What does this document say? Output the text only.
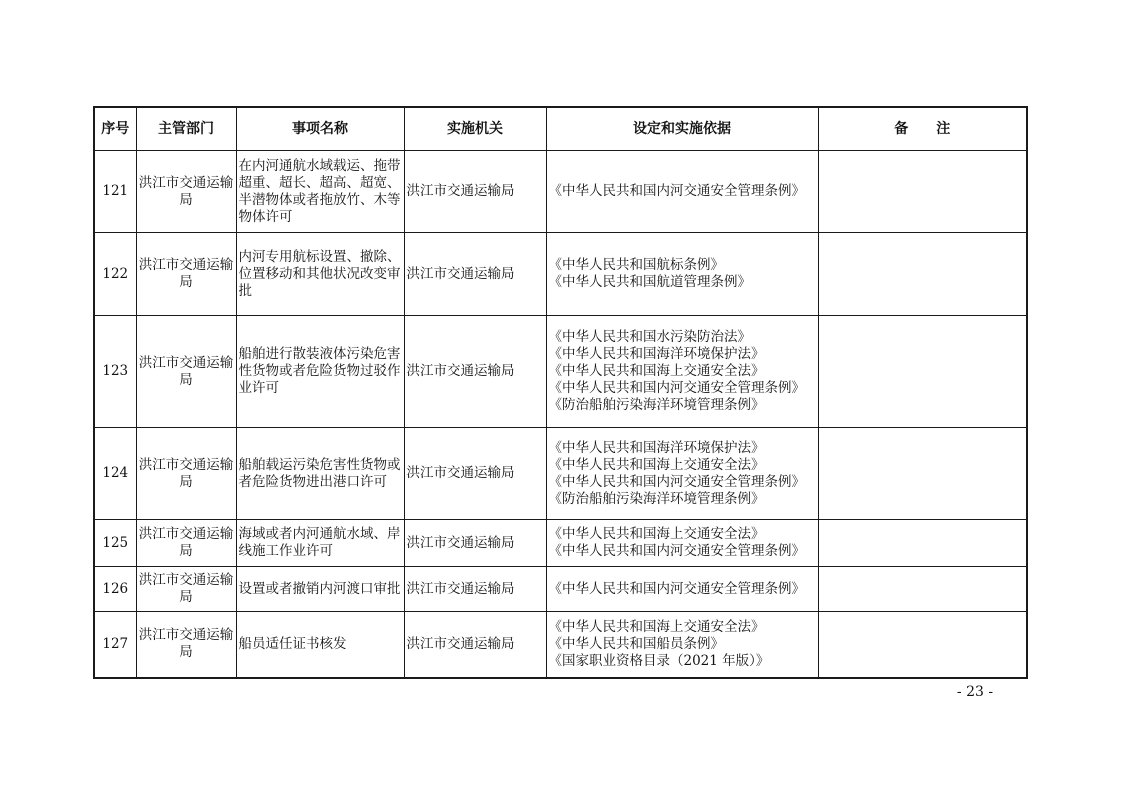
序号	主管部门	事项名称	实施机关	设定和实施依据	备　　注
121	洪江市交通运输局	在内河通航水域载运、拖带超重、超长、超高、超宽、半潜物体或者拖放竹、木等物体许可	洪江市交通运输局	《中华人民共和国内河交通安全管理条例》	

122	洪江市交通运输局	内河专用航标设置、撤除、位置移动和其他状况改变审批	洪江市交通运输局	《中华人民共和国航标条例》
《中华人民共和国航道管理条例》	

123	洪江市交通运输局	船舶进行散装液体污染危害性货物或者危险货物过驳作业许可	洪江市交通运输局	《中华人民共和国水污染防治法》
《中华人民共和国海洋环境保护法》
《中华人民共和国海上交通安全法》
《中华人民共和国内河交通安全管理条例》
《防治船舶污染海洋环境管理条例》	

124	洪江市交通运输局	船舶载运污染危害性货物或者危险货物进出港口许可	洪江市交通运输局	《中华人民共和国海洋环境保护法》
《中华人民共和国海上交通安全法》
《中华人民共和国内河交通安全管理条例》
《防治船舶污染海洋环境管理条例》	

125	洪江市交通运输局	海域或者内河通航水域、岸线施工作业许可	洪江市交通运输局	《中华人民共和国海上交通安全法》
《中华人民共和国内河交通安全管理条例》	

126	洪江市交通运输局	设置或者撤销内河渡口审批	洪江市交通运输局	《中华人民共和国内河交通安全管理条例》	

127	洪江市交通运输局	船员适任证书核发	洪江市交通运输局	《中华人民共和国海上交通安全法》
《中华人民共和国船员条例》
《国家职业资格目录（2021 年版）》	

- 23 -
